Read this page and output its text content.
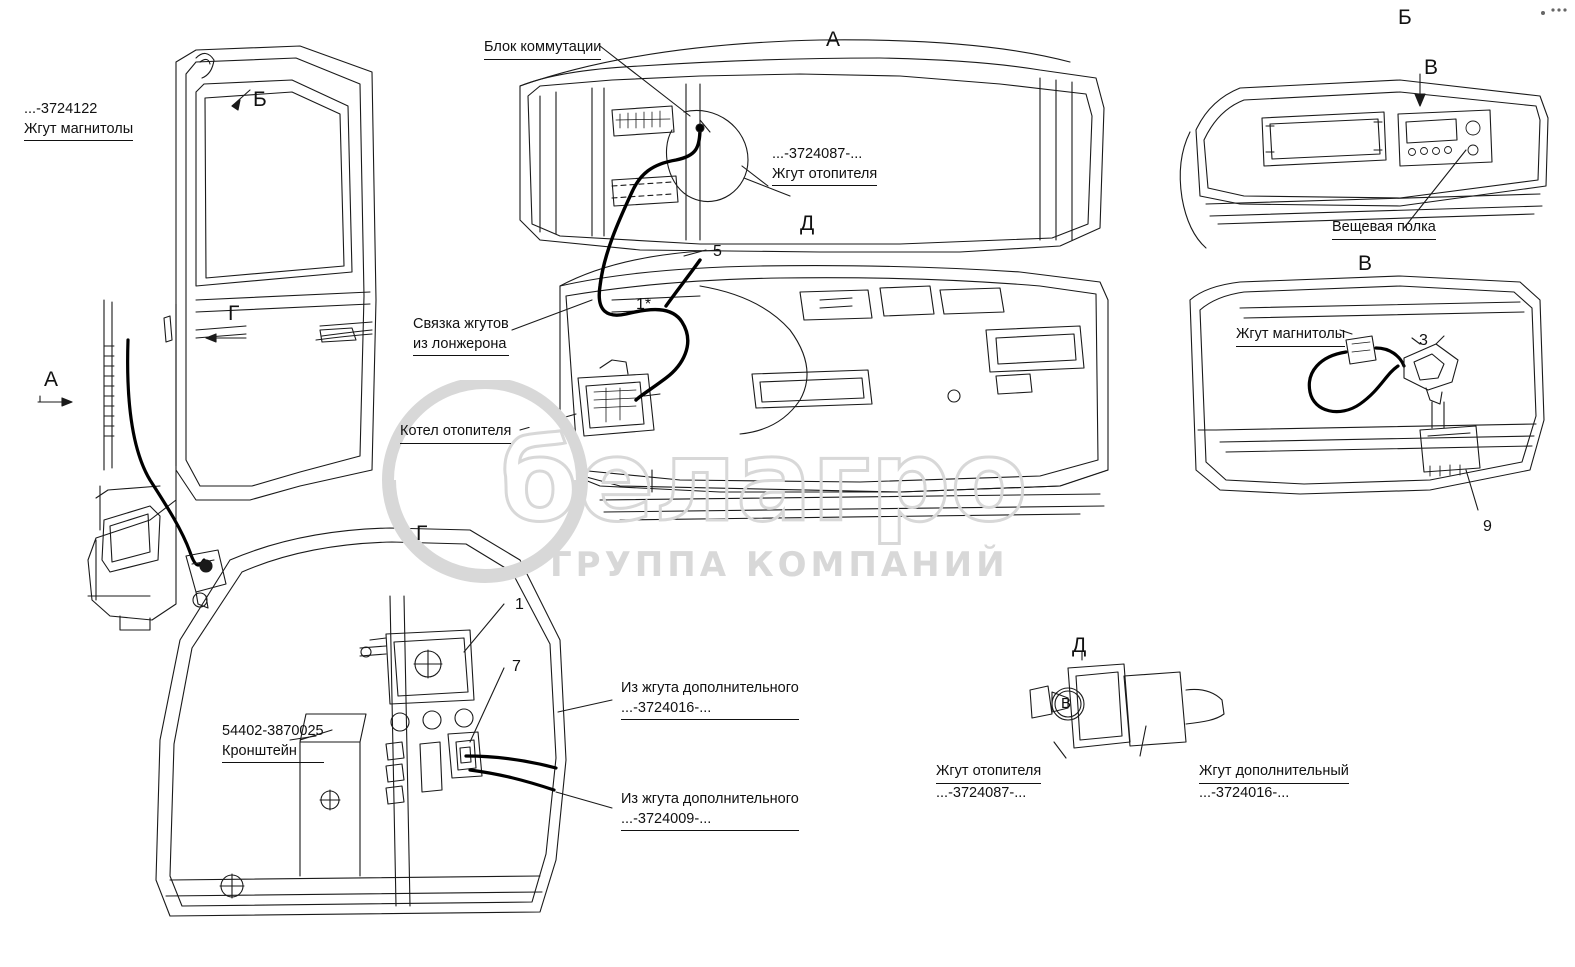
белагро
ГРУППА КОМПАНИЙ
А
Б
В
Б
Г
А
Д
В
Г
Д
...-3724122

Жгут магнитолы
Блок коммутации
...-3724087-...

Жгут отопителя
Связка жгутов

из лонжерона
Котел отопителя
Вещевая полка
Жгут магнитолы
54402-3870025

Кронштейн
Из жгута дополнительного

...-3724016-...
Из жгута дополнительного

...-3724009-...
Жгут отопителя
...-3724087-...
Жгут дополнительный
...-3724016-...
5
1*
3
9
1
7
В
